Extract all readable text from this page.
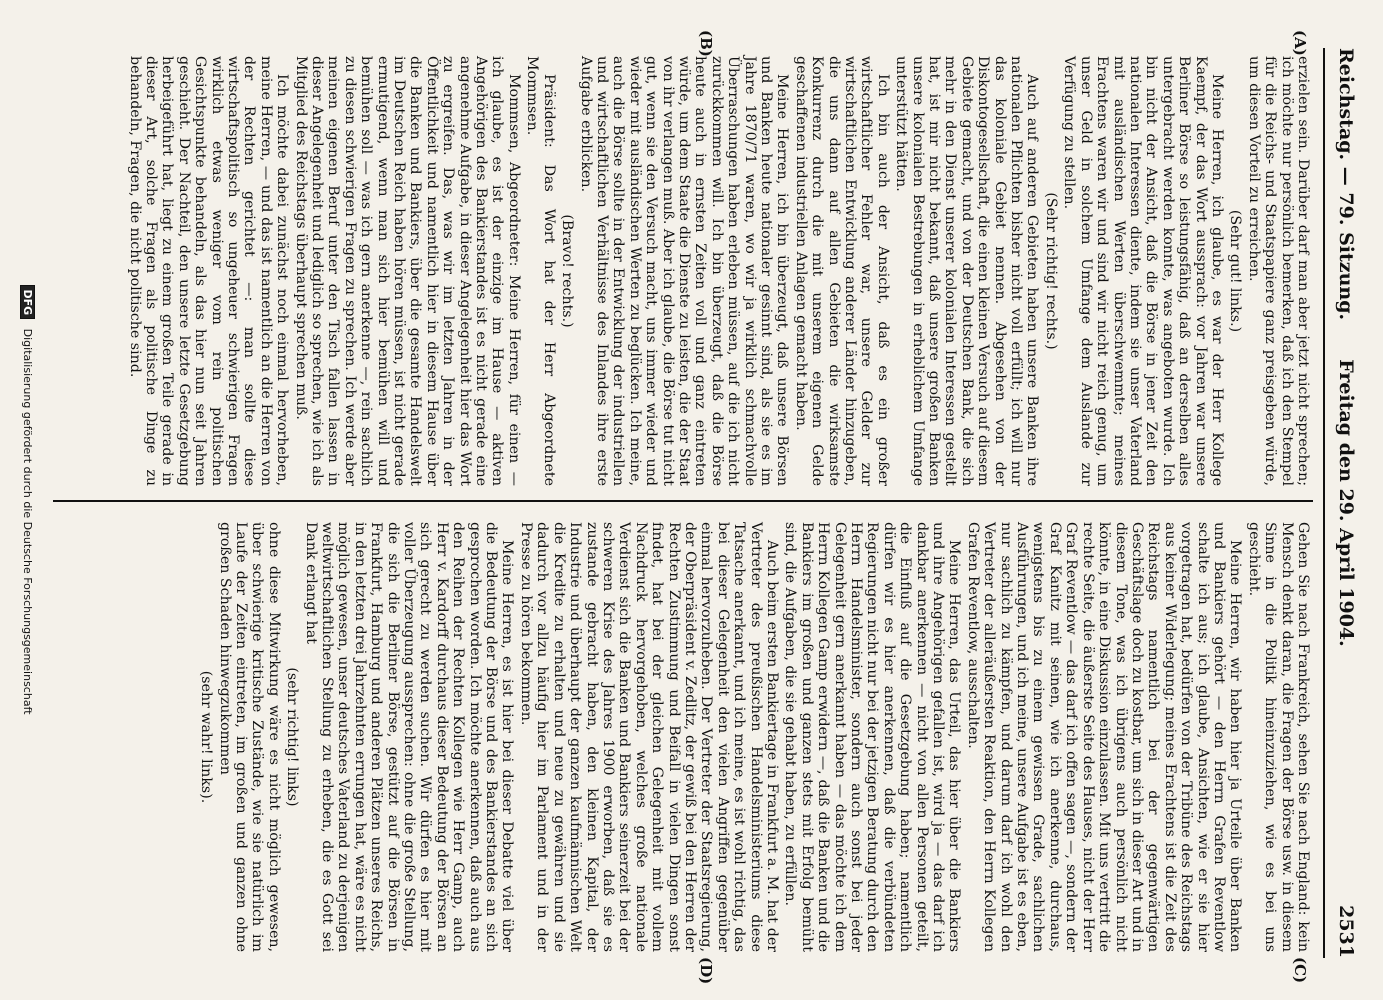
Reichstag. — 79. Sitzung.
Freitag den 29. April 1904.
2531
(A)
(B)
(C)
(D)

erzielen sein. Darüber darf man aber jetzt nicht sprechen; ich möchte nur persönlich bemerken, daß ich den Stempel für die Reichs- und Staatspapiere ganz preisgeben würde, um diesen Vorteil zu erreichen.

(Sehr gut! links.)

Meine Herren, ich glaube, es war der Herr Kollege Kaempf, der das Wort aussprach: vor Jahren war unsere Berliner Börse so leistungsfähig, daß an derselben alles untergebracht werden konnte, was angeboten wurde. Ich bin nicht der Ansicht, daß die Börse in jener Zeit den nationalen Interessen diente, indem sie unser Vaterland mit ausländischen Werten überschwemmte; meines Erachtens waren wir und sind wir nicht reich genug, um unser Geld in solchem Umfange dem Auslande zur Verfügung zu stellen.

(Sehr richtig! rechts.)

Auch auf anderen Gebieten haben unsere Banken ihre nationalen Pflichten bisher nicht voll erfüllt; ich will nur das koloniale Gebiet nennen. Abgesehen von der Diskontogesellschaft, die einen kleinen Versuch auf diesem Gebiete gemacht, und von der Deutschen Bank, die sich mehr in den Dienst unserer kolonialen Interessen gestellt hat, ist mir nicht bekannt, daß unsere großen Banken unsere kolonialen Bestrebungen in erheblichem Umfange unterstützt hätten.

Ich bin auch der Ansicht, daß es ein großer wirtschaftlicher Fehler war, unsere Gelder zur wirtschaftlichen Entwicklung anderer Länder hinzugeben, die uns dann auf allen Gebieten die wirksamste Konkurrenz durch die mit unserem eigenen Gelde geschaffenen industriellen Anlagen gemacht haben.

Meine Herren, ich bin überzeugt, daß unsere Börsen und Banken heute nationaler gesinnt sind, als sie es im Jahre 1870/71 waren, wo wir ja wirklich schmachvolle Überraschungen haben erleben müssen, auf die ich nicht zurückkommen will. Ich bin überzeugt, daß die Börse heute auch in ernsten Zeiten voll und ganz eintreten würde, um dem Staate die Dienste zu leisten, die der Staat von ihr verlangen muß. Aber ich glaube, die Börse tut nicht gut, wenn sie den Versuch macht, uns immer wieder und wieder mit ausländischen Werten zu beglücken. Ich meine, auch die Börse sollte in der Entwicklung der industriellen und wirtschaftlichen Verhältnisse des Inlandes ihre erste Aufgabe erblicken.

(Bravo! rechts.)

Präsident: Das Wort hat der Herr Abgeordnete Mommsen.

Mommsen, Abgeordneter: Meine Herren, für einen — ich glaube, es ist der einzige im Hause — aktiven Angehörigen des Bankierstandes ist es nicht gerade eine angenehme Aufgabe, in dieser Angelegenheit hier das Wort zu ergreifen. Das, was wir im letzten Jahren in der Öffentlichkeit und namentlich hier in diesem Hause über die Banken und Bankiers, über die gesamte Handelswelt im Deutschen Reich haben hören müssen, ist nicht gerade ermutigend, wenn man sich hier bemühen will und bemühen soll — was ich gern anerkenne —, rein sachlich zu diesen schwierigen Fragen zu sprechen. Ich werde aber meinen eigenen Beruf unter den Tisch fallen lassen in dieser Angelegenheit und lediglich so sprechen, wie ich als Mitglied des Reichstags überhaupt sprechen muß.

Ich möchte dabei zunächst noch einmal hervorheben, meine Herren, — und das ist namentlich an die Herren von der Rechten gerichtet —: man sollte diese wirtschaftspolitisch so ungeheuer schwierigen Fragen wirklich etwas weniger vom rein politischen Gesichtspunkte behandeln, als das hier nun seit Jahren geschieht. Der Nachteil, den unsere letzte Gesetzgebung herbeigeführt hat, liegt zu einem großen Teile gerade in dieser Art, solche Fragen als politische Dinge zu behandeln, Fragen, die nicht politische sind.

Gehen Sie nach Frankreich, sehen Sie nach England: kein Mensch denkt daran, die Fragen der Börse usw. in diesem Sinne in die Politik hineinzuziehen, wie es bei uns geschieht.

Meine Herren, wir haben hier ja Urteile über Banken und Bankiers gehört — den Herrn Grafen Reventlow schalte ich aus; ich glaube, Ansichten, wie er sie hier vorgetragen hat, bedürfen von der Tribüne des Reichstags aus keiner Widerlegung; meines Erachtens ist die Zeit des Reichstags namentlich bei der gegenwärtigen Geschäftslage doch zu kostbar, um sich in dieser Art und in diesem Tone, was ich übrigens auch persönlich nicht könnte, in eine Diskussion einzulassen. Mit uns vertritt die rechte Seite, die äußerste Seite des Hauses, nicht der Herr Graf Reventlow — das darf ich offen sagen —, sondern der Graf Kanitz mit seinen, wie ich anerkenne, durchaus, wenigstens bis zu einem gewissen Grade, sachlichen Ausführungen, und ich meine, unsere Aufgabe ist es eben, nur sachlich zu kämpfen, und darum darf ich wohl den Vertreter der alleräußersten Reaktion, den Herrn Kollegen Grafen Reventlow, ausschalten.

Meine Herren, das Urteil, das hier über die Bankiers und ihre Angehörigen gefallen ist, wird ja — das darf ich dankbar anerkennen — nicht von allen Personen geteilt, die Einfluß auf die Gesetzgebung haben; namentlich dürfen wir es hier anerkennen, daß die verbündeten Regierungen nicht nur bei der jetzigen Beratung durch den Herrn Handelsminister, sondern auch sonst bei jeder Gelegenheit gern anerkannt haben — das möchte ich dem Herrn Kollegen Gamp erwidern —, daß die Banken und die Bankiers im großen und ganzen stets mit Erfolg bemüht sind, die Aufgaben, die sie gehabt haben, zu erfüllen.

Auch beim ersten Bankiertage in Frankfurt a. M. hat der Vertreter des preußischen Handelsministeriums diese Tatsache anerkannt, und ich meine, es ist wohl richtig, das bei dieser Gelegenheit den vielen Angriffen gegenüber einmal hervorzuheben. Der Vertreter der Staatsregierung, der Oberpräsident v. Zedlitz, der gewiß bei den Herren der Rechten Zustimmung und Beifall in vielen Dingen sonst findet, hat bei der gleichen Gelegenheit mit vollem Nachdruck hervorgehoben, welches große nationale Verdienst sich die Banken und Bankiers seinerzeit bei der schweren Krise des Jahres 1900 erworben, daß sie es zustande gebracht haben, den kleinen Kapital, der Industrie und überhaupt der ganzen kaufmännischen Welt die Kredite zu erhalten und neue zu gewähren und sie dadurch vor allzu häufig hier im Parlament und in der Presse zu hören bekommen.

Meine Herren, es ist hier bei dieser Debatte viel über die Bedeutung der Börse und des Bankierstandes an sich gesprochen worden. Ich möchte anerkennen, daß auch aus den Reihen der Rechten Kollegen wie Herr Gamp, auch Herr v. Kardorff durchaus dieser Bedeutung der Börsen an sich gerecht zu werden suchen. Wir dürfen es hier mit voller Überzeugung aussprechen: ohne die große Stellung, die sich die Berliner Börse, gestützt auf die Börsen in Frankfurt, Hamburg und anderen Plätzen unseres Reichs, in den letzten drei Jahrzehnten errungen hat, wäre es nicht möglich gewesen, unser deutsches Vaterland zu derjenigen weltwirtschaftlichen Stellung zu erheben, die es Gott sei Dank erlangt hat

(sehr richtig! links)

ohne diese Mitwirkung wäre es nicht möglich gewesen, über schwierige kritische Zustände, wie sie natürlich im Laufe der Zeiten eintreten, im großen und ganzen ohne großen Schaden hinwegzukommen

(sehr wahr! links).

DFG Digitalisierung gefördert durch die Deutsche Forschungsgemeinschaft
